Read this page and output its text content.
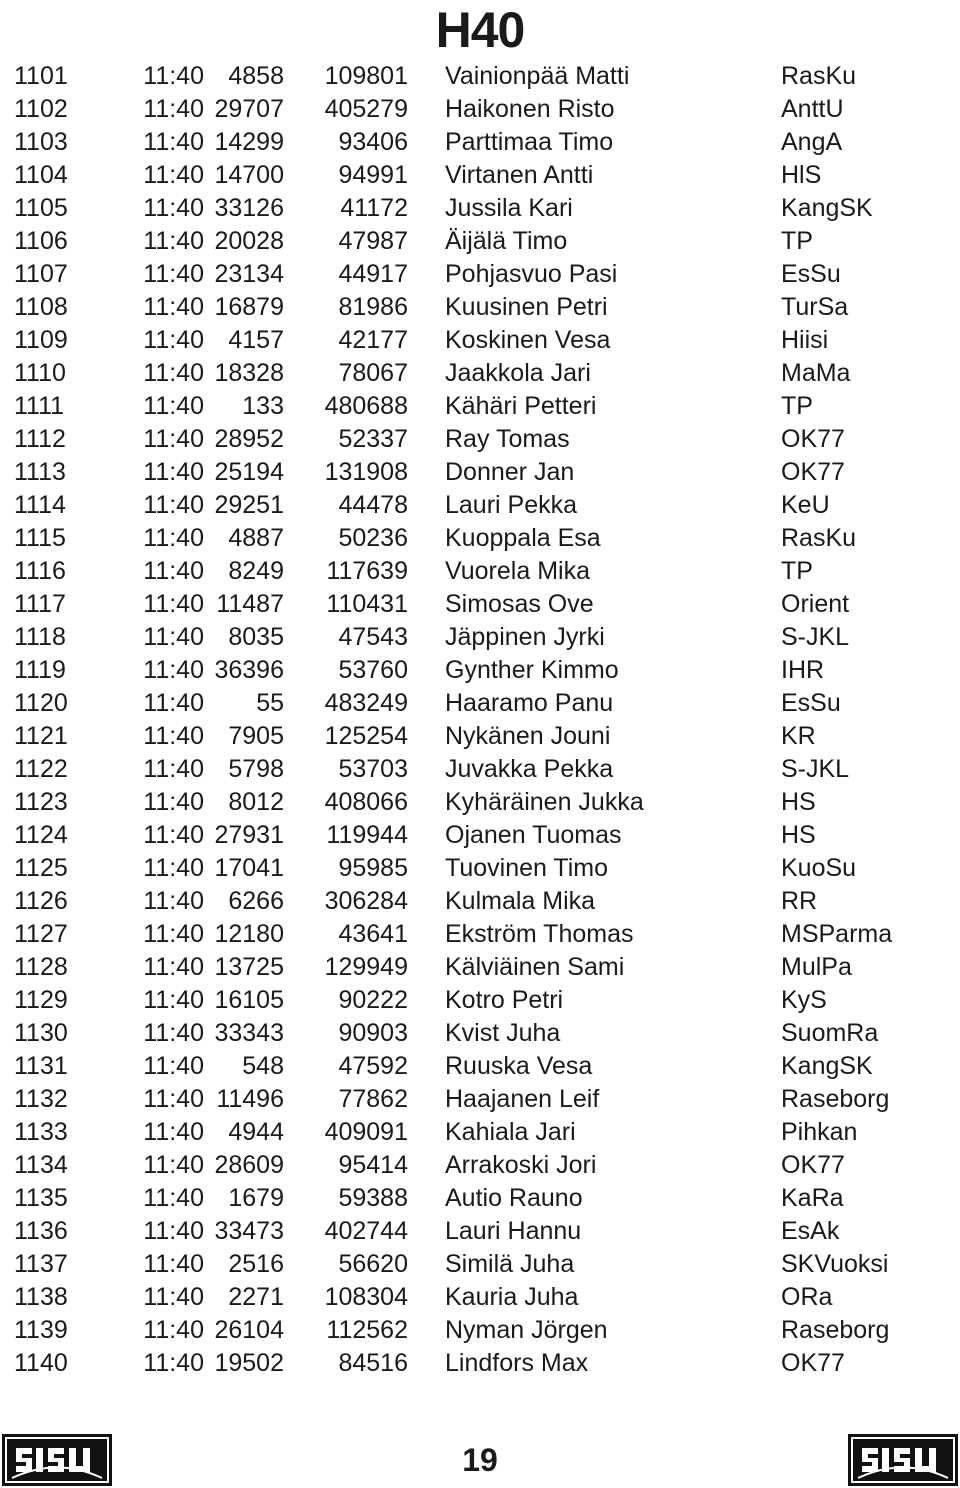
H40
1101	11:40	4858	109801	Vainionpää Matti	RasKu
1102	11:40	29707	405279	Haikonen Risto	AnttU
1103	11:40	14299	93406	Parttimaa Timo	AngA
1104	11:40	14700	94991	Virtanen Antti	HlS
1105	11:40	33126	41172	Jussila Kari	KangSK
1106	11:40	20028	47987	Äijälä Timo	TP
1107	11:40	23134	44917	Pohjasvuo Pasi	EsSu
1108	11:40	16879	81986	Kuusinen Petri	TurSa
1109	11:40	4157	42177	Koskinen Vesa	Hiisi
1110	11:40	18328	78067	Jaakkola Jari	MaMa
1111	11:40	133	480688	Kähäri Petteri	TP
1112	11:40	28952	52337	Ray Tomas	OK77
1113	11:40	25194	131908	Donner Jan	OK77
1114	11:40	29251	44478	Lauri Pekka	KeU
1115	11:40	4887	50236	Kuoppala Esa	RasKu
1116	11:40	8249	117639	Vuorela Mika	TP
1117	11:40	11487	110431	Simosas Ove	Orient
1118	11:40	8035	47543	Jäppinen Jyrki	S-JKL
1119	11:40	36396	53760	Gynther Kimmo	IHR
1120	11:40	55	483249	Haaramo Panu	EsSu
1121	11:40	7905	125254	Nykänen Jouni	KR
1122	11:40	5798	53703	Juvakka Pekka	S-JKL
1123	11:40	8012	408066	Kyhäräinen Jukka	HS
1124	11:40	27931	119944	Ojanen Tuomas	HS
1125	11:40	17041	95985	Tuovinen Timo	KuoSu
1126	11:40	6266	306284	Kulmala Mika	RR
1127	11:40	12180	43641	Ekström Thomas	MSParma
1128	11:40	13725	129949	Kälviäinen Sami	MulPa
1129	11:40	16105	90222	Kotro Petri	KyS
1130	11:40	33343	90903	Kvist Juha	SuomRa
1131	11:40	548	47592	Ruuska Vesa	KangSK
1132	11:40	11496	77862	Haajanen Leif	Raseborg
1133	11:40	4944	409091	Kahiala Jari	Pihkan
1134	11:40	28609	95414	Arrakoski Jori	OK77
1135	11:40	1679	59388	Autio Rauno	KaRa
1136	11:40	33473	402744	Lauri Hannu	EsAk
1137	11:40	2516	56620	Similä Juha	SKVuoksi
1138	11:40	2271	108304	Kauria Juha	ORa
1139	11:40	26104	112562	Nyman Jörgen	Raseborg
1140	11:40	19502	84516	Lindfors Max	OK77
19
